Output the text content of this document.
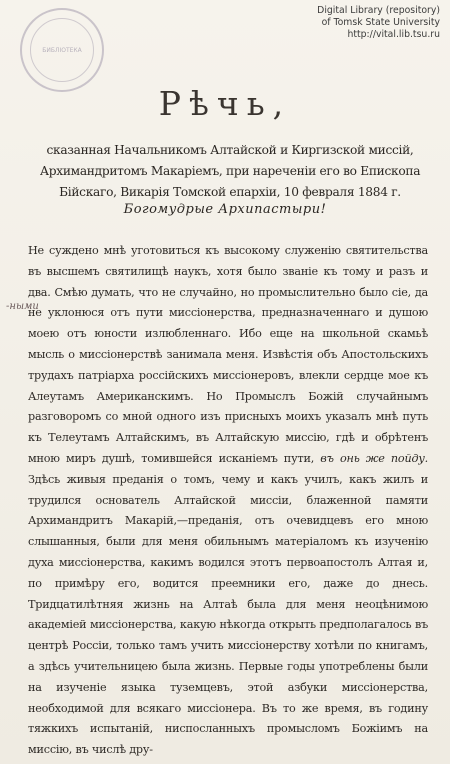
БИБЛІОТЕКА
Digital Library (repository)
of Tomsk State University
http://vital.lib.tsu.ru
Рѣчь,

сказанная Начальникомъ Алтайской и Киргизской миссій, Архимандритомъ Макаріемъ, при нареченіи его во Епископа Бійскаго, Викарія Томской епархіи, 10 февраля 1884 г.

Богомудрые Архипастыри!
-ными

Не суждено мнѣ уготовиться къ высокому служенію святительства въ высшемъ святилищѣ наукъ, хотя было званіе къ тому и разъ и два. Смѣю думать, что не случайно, но промыслительно было сіе, да не уклонюся отъ пути миссіонерства, предназначеннаго и душою моею отъ юности излюбленнаго. Ибо еще на школьной скамьѣ мысль о миссіонерствѣ занимала меня. Извѣстія объ Апостольскихъ трудахъ патріарха россійскихъ миссіонеровъ, влекли сердце мое къ Алеутамъ Американскимъ. Но Промыслъ Божій случайнымъ разговоромъ со мной одного изъ присныхъ моихъ указалъ мнѣ путь къ Телеутамъ Алтайскимъ, въ Алтайскую миссію, гдѣ и обрѣтенъ мною миръ душѣ, томившейся исканіемъ пути, въ онь же пойду. Здѣсь живыя преданія о томъ, чему и какъ училъ, какъ жилъ и трудился основатель Алтайской миссіи, блаженной памяти Архимандритъ Макарій,—преданія, отъ очевидцевъ его мною слышанныя, были для меня обильнымъ матеріаломъ къ изученію духа миссіонерства, какимъ водился этотъ первоапостолъ Алтая и, по примѣру его, водится преемники его, даже до днесь. Тридцатилѣтняя жизнь на Алтаѣ была для меня неоцѣнимою академіей миссіонерства, какую нѣкогда открыть предполагалось въ центрѣ Россіи, только тамъ учить миссіонерству хотѣли по книгамъ, а здѣсь учительницею была жизнь. Первые годы употреблены были на изученіе языка туземцевъ, этой азбуки миссіонерства, необходимой для всякаго миссіонера. Въ то же время, въ годину тяжкихъ испытаній, ниспосланныхъ промысломъ Божіимъ на миссію, въ числѣ дру-
